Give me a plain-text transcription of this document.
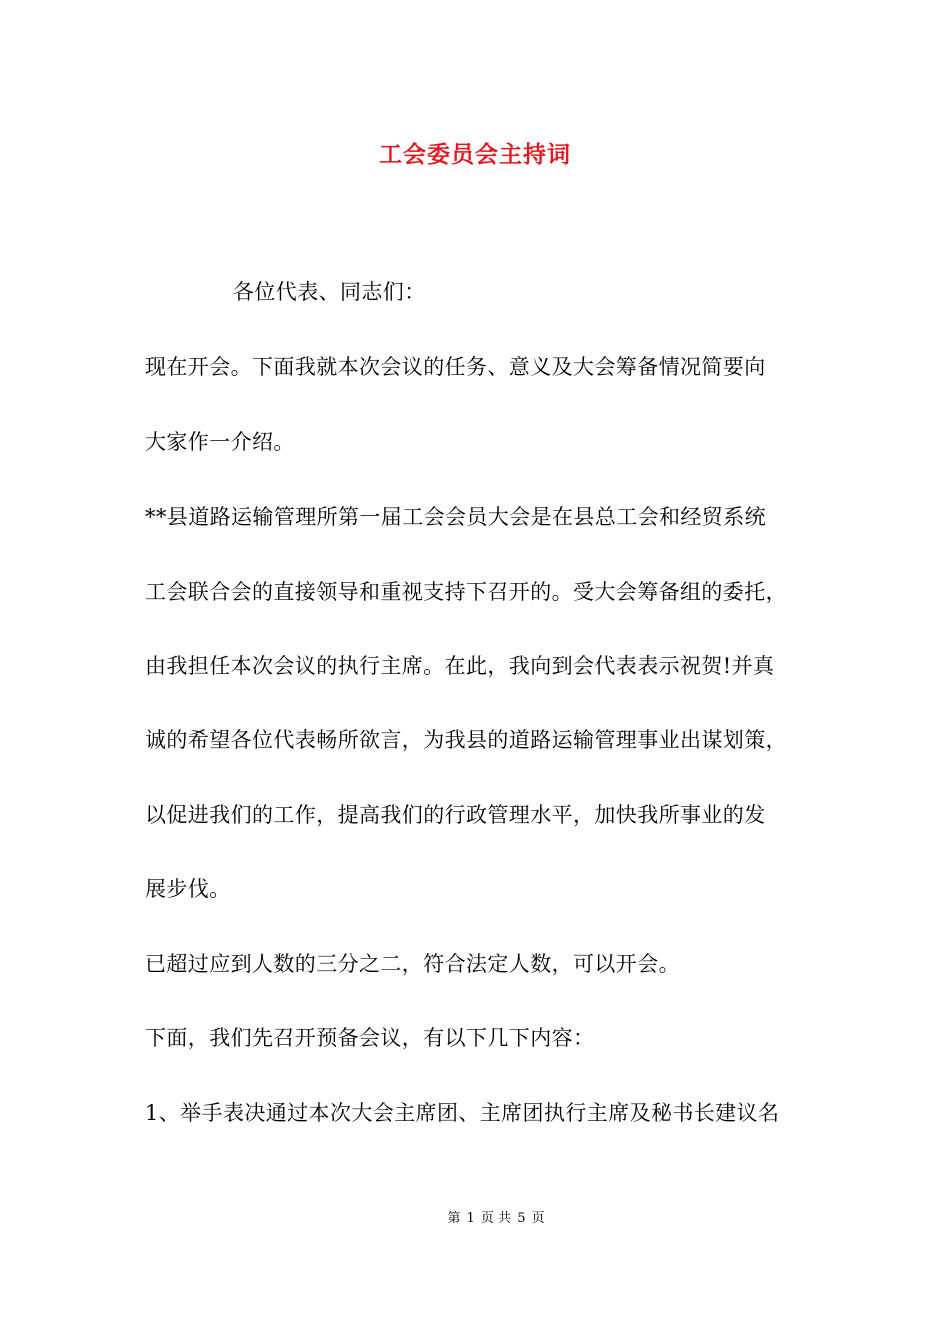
工会委员会主持词
各位代表、同志们：
现在开会。下面我就本次会议的任务、意义及大会筹备情况简要向
大家作一介绍。
**县道路运输管理所第一届工会会员大会是在县总工会和经贸系统
工会联合会的直接领导和重视支持下召开的。受大会筹备组的委托，
由我担任本次会议的执行主席。在此，我向到会代表表示祝贺!并真
诚的希望各位代表畅所欲言，为我县的道路运输管理事业出谋划策，
以促进我们的工作，提高我们的行政管理水平，加快我所事业的发
展步伐。
已超过应到人数的三分之二，符合法定人数，可以开会。
下面，我们先召开预备会议，有以下几下内容：
1、举手表决通过本次大会主席团、主席团执行主席及秘书长建议名
第 1 页 共 5 页
